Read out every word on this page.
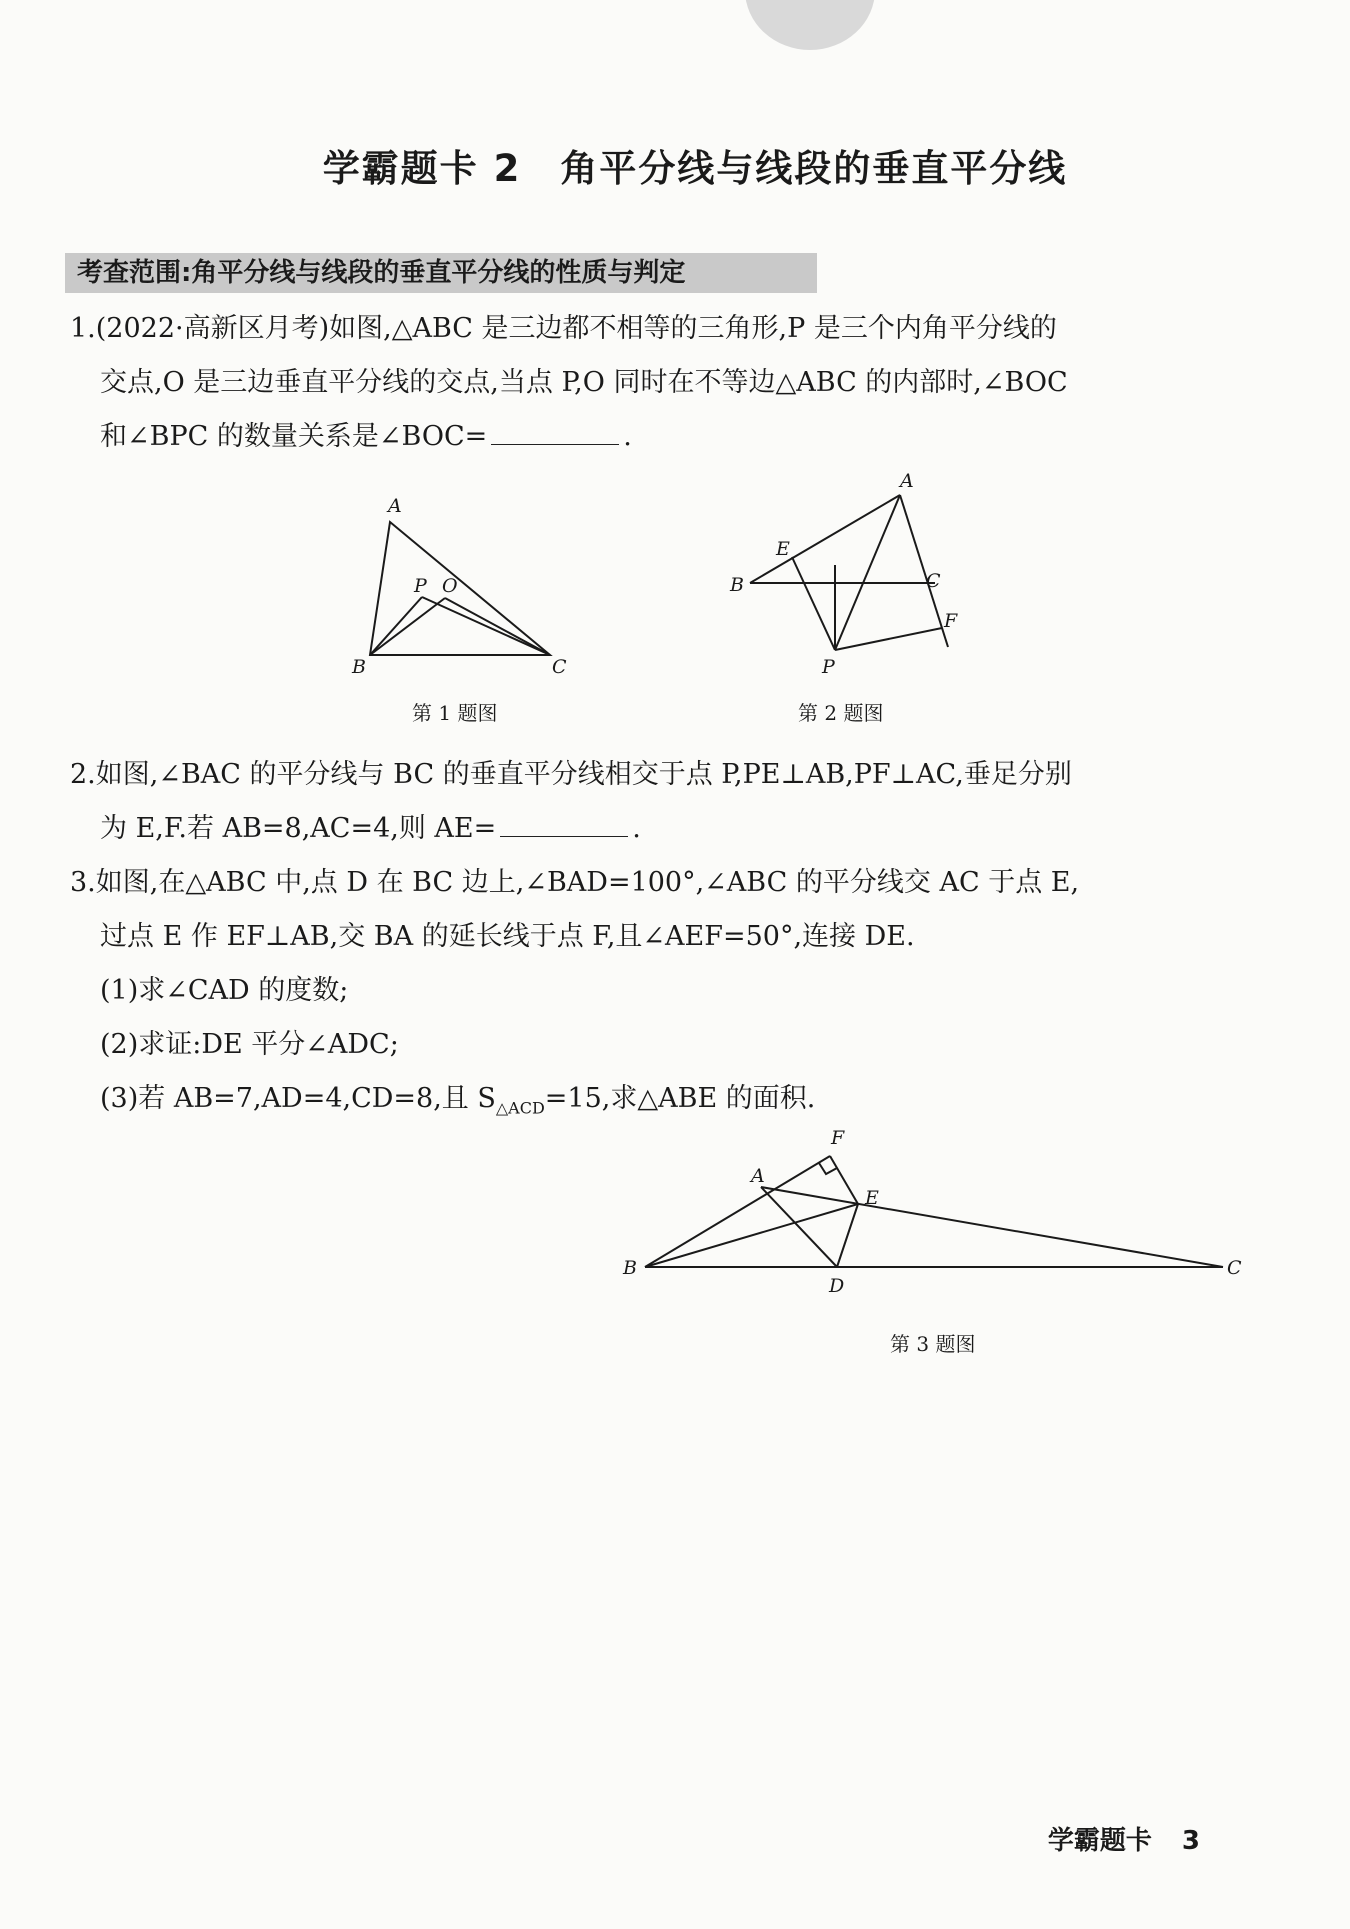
学霸题卡 2　角平分线与线段的垂直平分线
考查范围:角平分线与线段的垂直平分线的性质与判定
1.(2022·高新区月考)如图,△ABC 是三边都不相等的三角形,P 是三个内角平分线的
交点,O 是三边垂直平分线的交点,当点 P,O 同时在不等边△ABC 的内部时,∠BOC
和∠BPC 的数量关系是∠BOC=	.
A
B	C
P O
第 1 题图
A
B	C
E
F
P
第 2 题图
2.如图,∠BAC 的平分线与 BC 的垂直平分线相交于点 P,PE⊥AB,PF⊥AC,垂足分别
为 E,F.若 AB=8,AC=4,则 AE=	.
3.如图,在△ABC 中,点 D 在 BC 边上,∠BAD=100°,∠ABC 的平分线交 AC 于点 E,
过点 E 作 EF⊥AB,交 BA 的延长线于点 F,且∠AEF=50°,连接 DE.
(1)求∠CAD 的度数;
(2)求证:DE 平分∠ADC;
(3)若 AB=7,AD=4,CD=8,且 $S_{\triangle ACD}=15$,求△ABE 的面积.
F
A
E
B	C
D
第 3 题图
学霸题卡 3
